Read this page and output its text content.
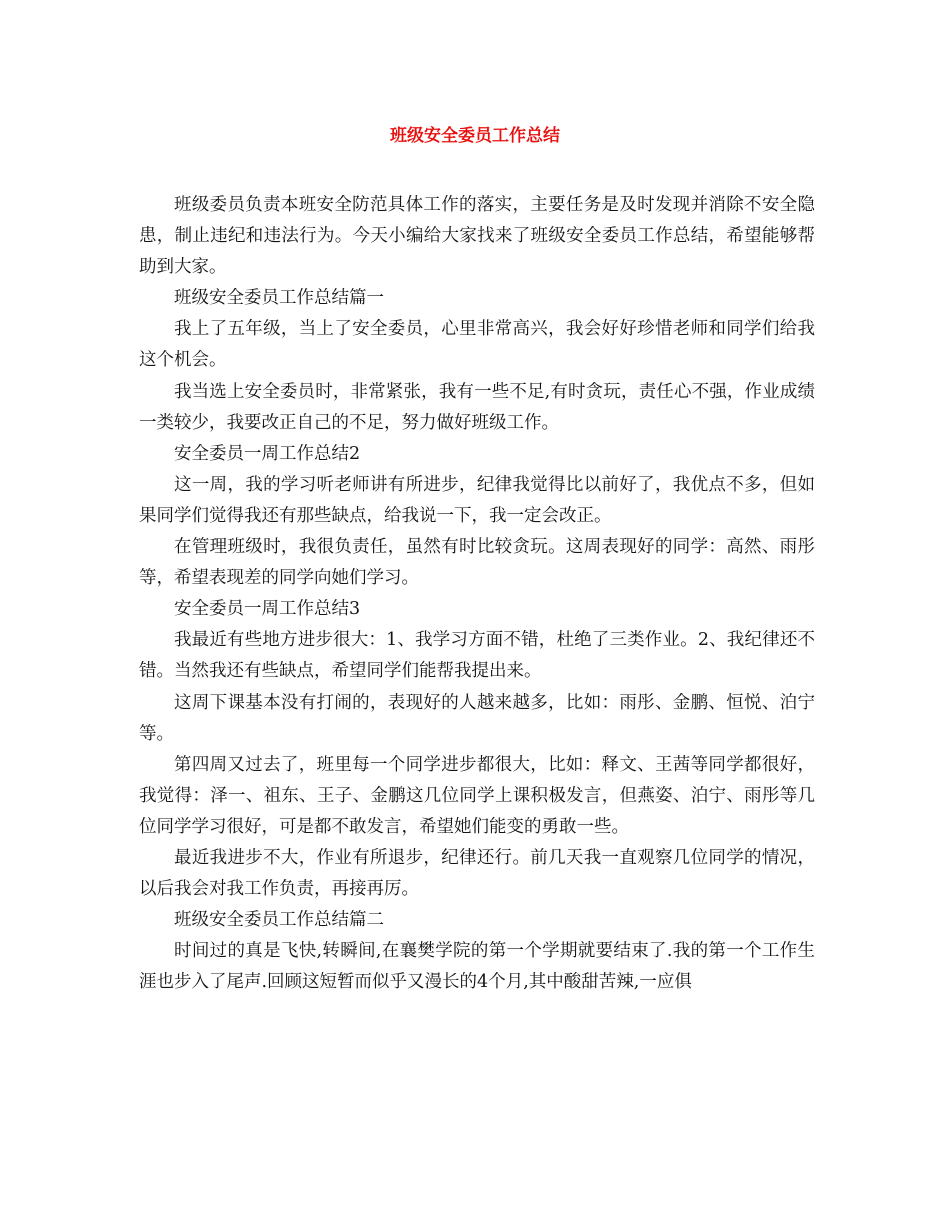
班级安全委员工作总结

班级委员负责本班安全防范具体工作的落实，主要任务是及时发现并消除不安全隐患，制止违纪和违法行为。今天小编给大家找来了班级安全委员工作总结，希望能够帮助到大家。

班级安全委员工作总结篇一

我上了五年级，当上了安全委员，心里非常高兴，我会好好珍惜老师和同学们给我这个机会。

我当选上安全委员时，非常紧张，我有一些不足,有时贪玩，责任心不强，作业成绩一类较少，我要改正自己的不足，努力做好班级工作。

安全委员一周工作总结2

这一周，我的学习听老师讲有所进步，纪律我觉得比以前好了，我优点不多，但如果同学们觉得我还有那些缺点，给我说一下，我一定会改正。

在管理班级时，我很负责任，虽然有时比较贪玩。这周表现好的同学：高然、雨彤等，希望表现差的同学向她们学习。

安全委员一周工作总结3

我最近有些地方进步很大：1、我学习方面不错，杜绝了三类作业。2、我纪律还不错。当然我还有些缺点，希望同学们能帮我提出来。

这周下课基本没有打闹的，表现好的人越来越多，比如：雨彤、金鹏、恒悦、泊宁等。

第四周又过去了，班里每一个同学进步都很大，比如：释文、王茜等同学都很好，我觉得：泽一、祖东、王子、金鹏这几位同学上课积极发言，但燕姿、泊宁、雨彤等几位同学学习很好，可是都不敢发言，希望她们能变的勇敢一些。

最近我进步不大，作业有所退步，纪律还行。前几天我一直观察几位同学的情况，以后我会对我工作负责，再接再厉。

班级安全委员工作总结篇二

时间过的真是飞快,转瞬间,在襄樊学院的第一个学期就要结束了.我的第一个工作生涯也步入了尾声.回顾这短暂而似乎又漫长的4个月,其中酸甜苦辣,一应俱
